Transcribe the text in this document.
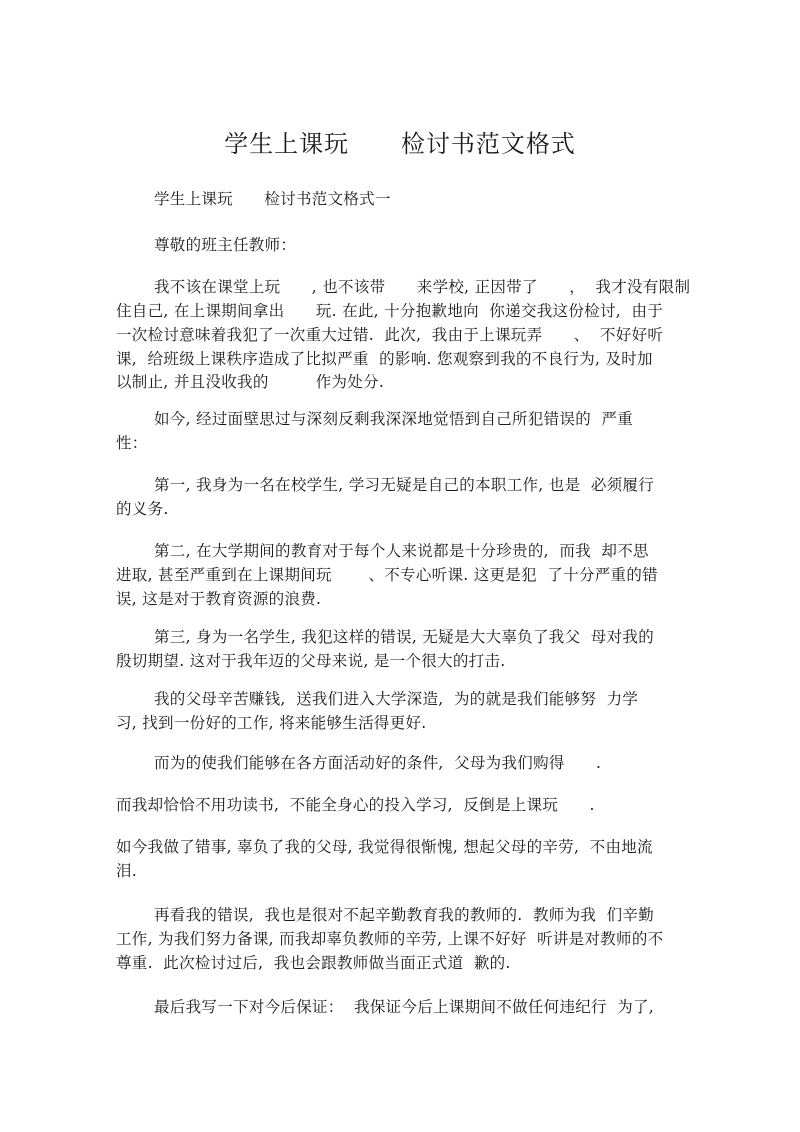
学生上课玩      检讨书范文格式
学生上课玩      检讨书范文格式一
尊敬的班主任教师：
我不该在课堂上玩      , 也不该带      来学校, 正因带了      ，  我才没有限制
住自己, 在上课期间拿出      玩. 在此, 十分抱歉地向  你递交我这份检讨,  由于
一次检讨意味着我犯了一次重大过错.  此次,  我由于上课玩弄      、  不好好听
课,  给班级上课秩序造成了比拟严重  的影响. 您观察到我的不良行为, 及时加
以制止, 并且没收我的         作为处分.
如今, 经过面壁思过与深刻反剩我深深地觉悟到自己所犯错误的  严重
性：
第一, 我身为一名在校学生, 学习无疑是自己的本职工作, 也是  必须履行
的义务.
第二, 在大学期间的教育对于每个人来说都是十分珍贵的,  而我  却不思
进取, 甚至严重到在上课期间玩       、不专心听课. 这更是犯  了十分严重的错
误, 这是对于教育资源的浪费.
第三, 身为一名学生, 我犯这样的错误, 无疑是大大辜负了我父  母对我的
殷切期望. 这对于我年迈的父母来说, 是一个很大的打击.
我的父母辛苦赚钱,  送我们进入大学深造,  为的就是我们能够努  力学
习, 找到一份好的工作, 将来能够生活得更好.
而为的使我们能够在各方面活动好的条件,  父母为我们购得      .
而我却恰恰不用功读书,  不能全身心的投入学习,  反倒是上课玩      .
如今我做了错事, 辜负了我的父母, 我觉得很惭愧, 想起父母的辛劳,  不由地流
泪.
再看我的错误,  我也是很对不起辛勤教育我的教师的.  教师为我  们辛勤
工作, 为我们努力备课, 而我却辜负教师的辛劳, 上课不好好  听讲是对教师的不
尊重.  此次检讨过后,  我也会跟教师做当面正式道  歉的.
最后我写一下对今后保证：  我保证今后上课期间不做任何违纪行  为了,
